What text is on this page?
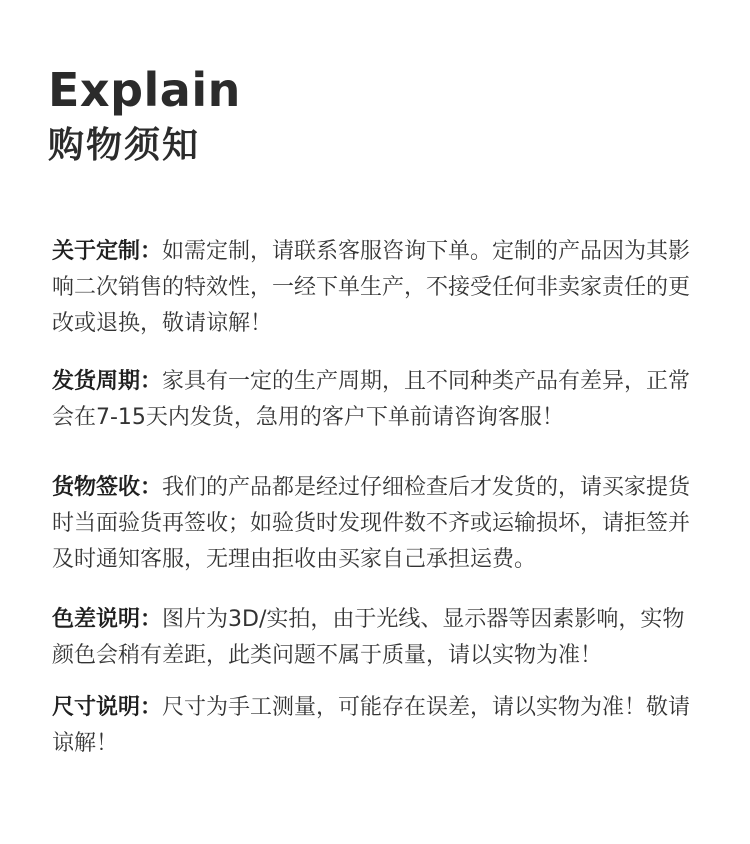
Explain
购物须知

关于定制：如需定制，请联系客服咨询下单。定制的产品因为其影响二次销售的特效性，一经下单生产，不接受任何非卖家责任的更改或退换，敬请谅解！

发货周期：家具有一定的生产周期，且不同种类产品有差异，正常会在7-15天内发货，急用的客户下单前请咨询客服！

货物签收：我们的产品都是经过仔细检查后才发货的，请买家提货时当面验货再签收；如验货时发现件数不齐或运输损坏，请拒签并及时通知客服，无理由拒收由买家自己承担运费。

色差说明：图片为3D/实拍，由于光线、显示器等因素影响，实物颜色会稍有差距，此类问题不属于质量，请以实物为准！

尺寸说明：尺寸为手工测量，可能存在误差，请以实物为准！敬请谅解！
